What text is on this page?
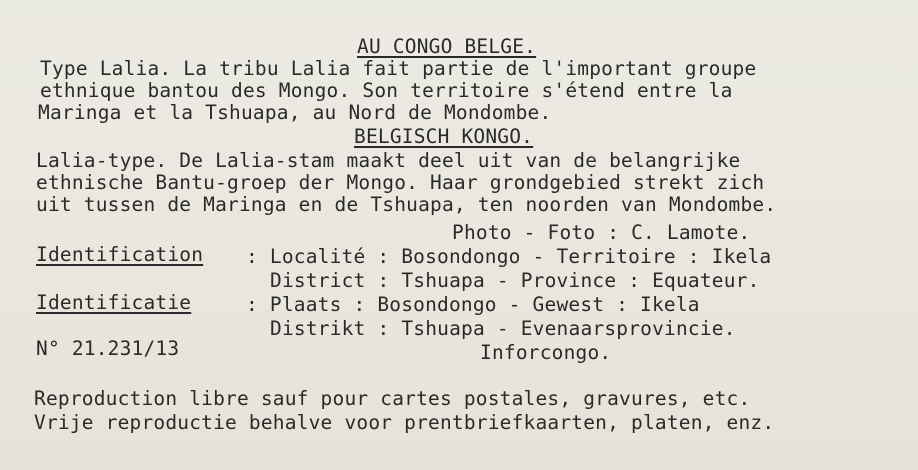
AU CONGO BELGE.
Type Lalia. La tribu Lalia fait partie de l'important groupe
ethnique bantou des Mongo. Son territoire s'étend entre la
Maringa et la Tshuapa, au Nord de Mondombe.
BELGISCH KONGO.
Lalia-type. De Lalia-stam maakt deel uit van de belangrijke
ethnische Bantu-groep der Mongo. Haar grondgebied strekt zich
uit tussen de Maringa en de Tshuapa, ten noorden van Mondombe.
Photo - Foto : C. Lamote.
Identification : Localité : Bosondongo - Territoire : Ikela
District : Tshuapa - Province : Equateur.
Identificatie	: Plaats : Bosondongo - Gewest : Ikela
Distrikt : Tshuapa - Evenaarsprovincie.
N° 21.231/13	Inforcongo.
Reproduction libre sauf pour cartes postales, gravures, etc.
Vrije reproductie behalve voor prentbriefkaarten, platen, enz.
